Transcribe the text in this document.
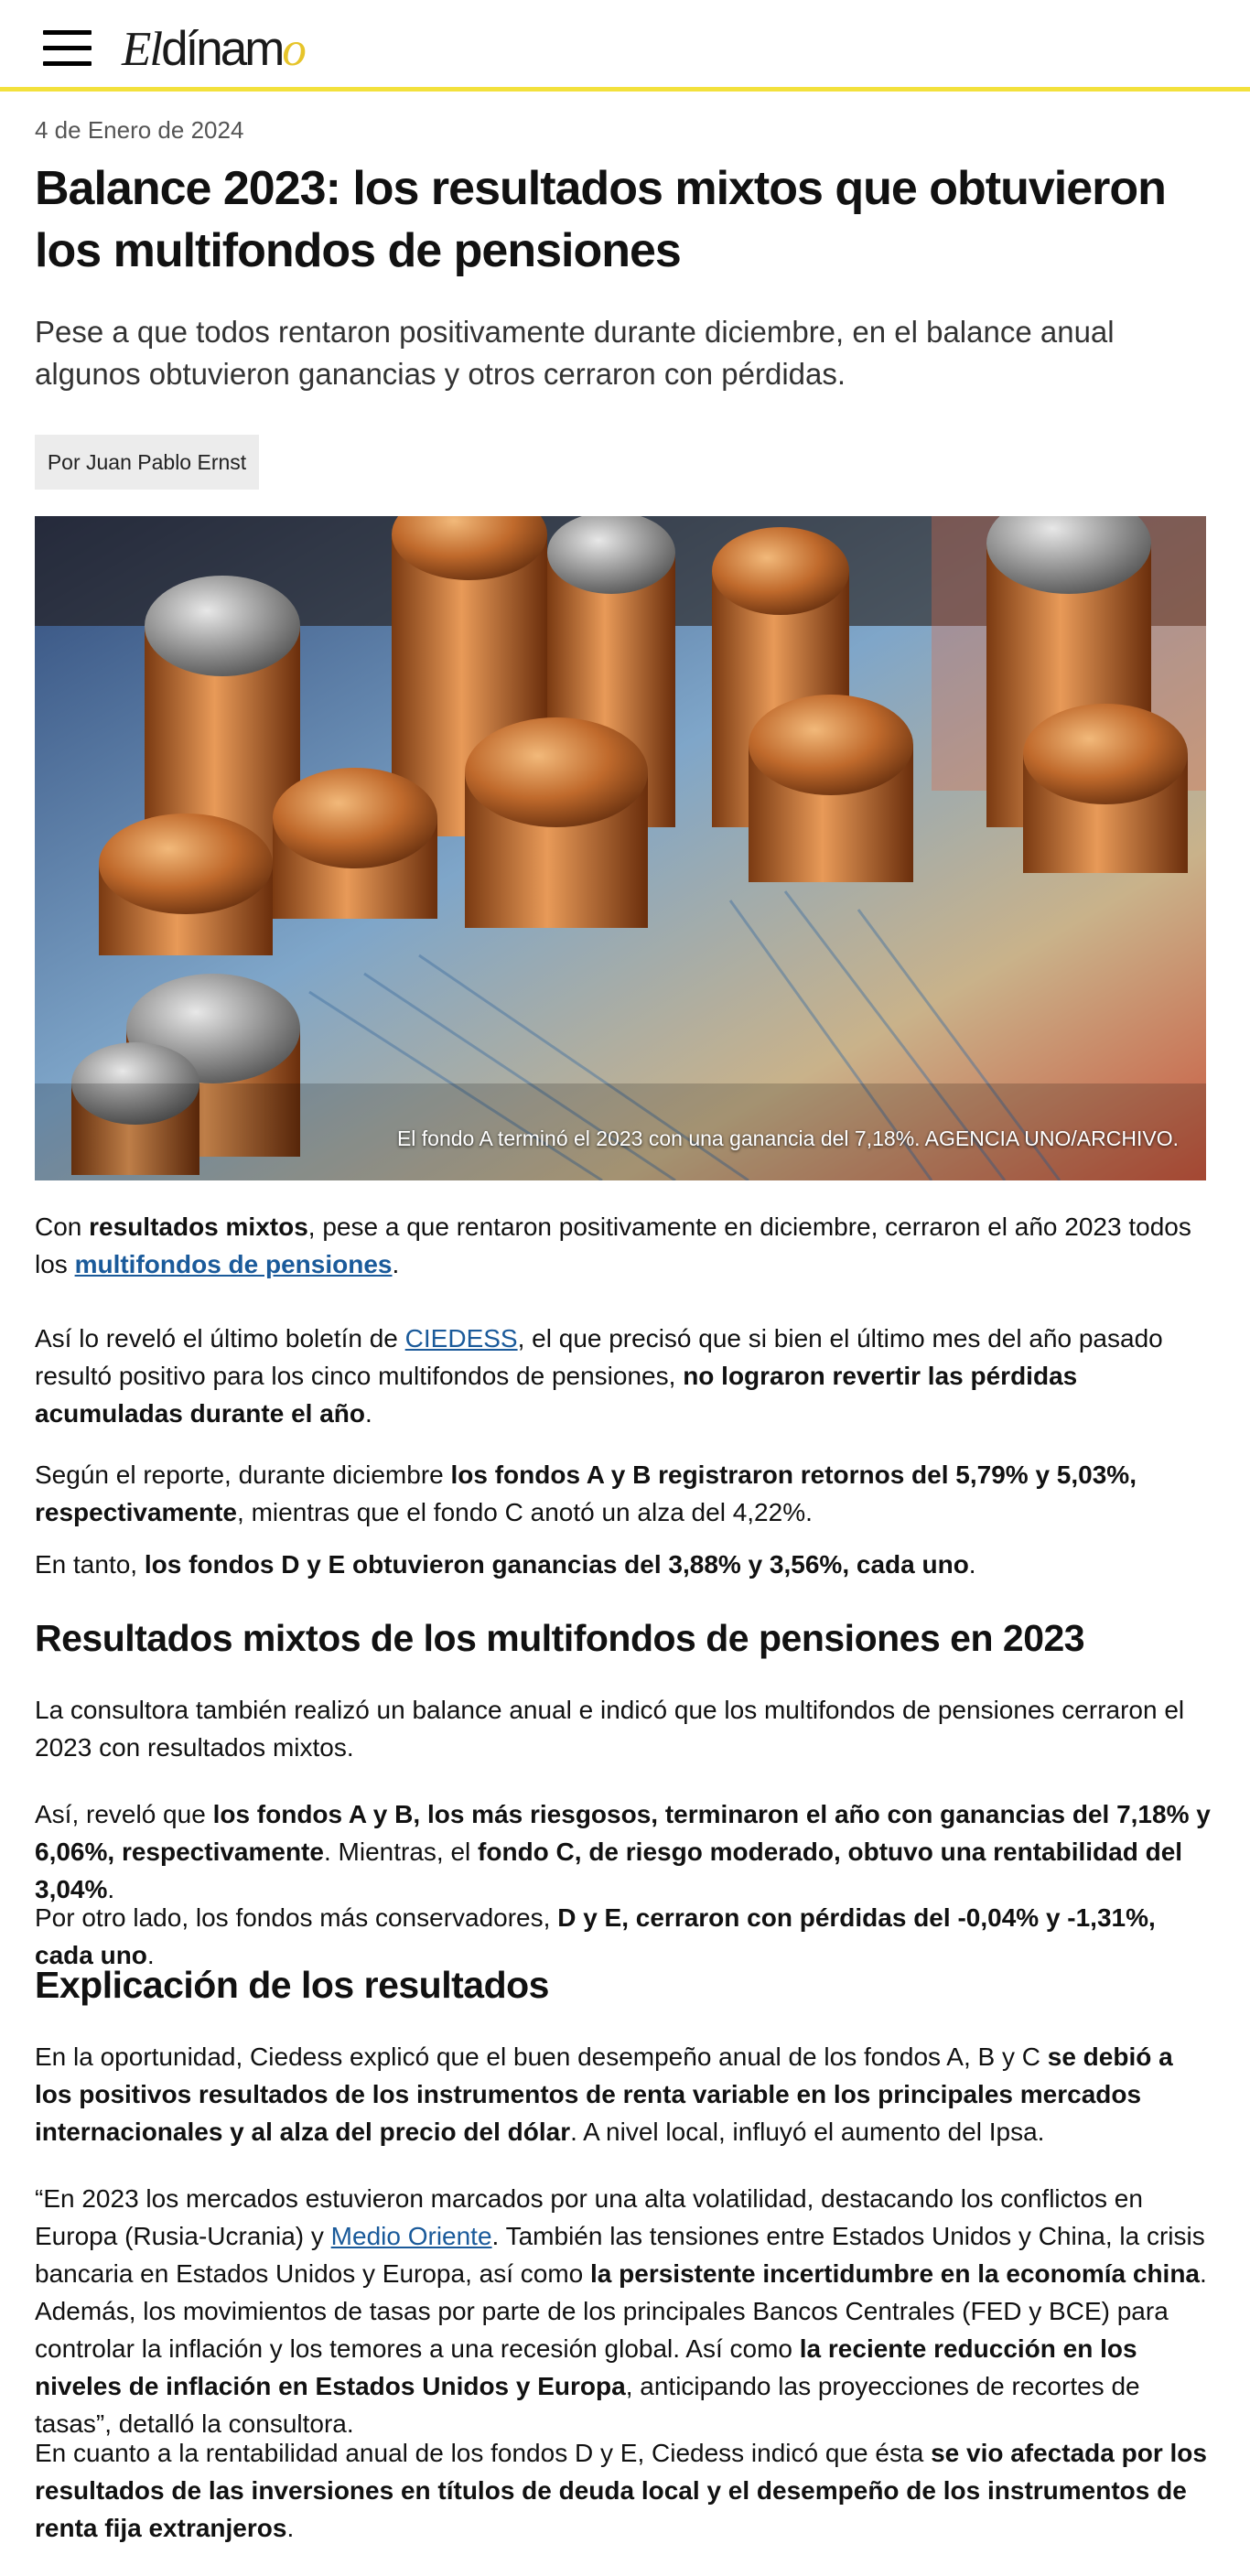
Eldínamo
4 de Enero de 2024
Balance 2023: los resultados mixtos que obtuvieron los multifondos de pensiones

Pese a que todos rentaron positivamente durante diciembre, en el balance anual algunos obtuvieron ganancias y otros cerraron con pérdidas.

Por Juan Pablo Ernst
El fondo A terminó el 2023 con una ganancia del 7,18%. AGENCIA UNO/ARCHIVO.

Con resultados mixtos, pese a que rentaron positivamente en diciembre, cerraron el año 2023 todos los multifondos de pensiones.

Así lo reveló el último boletín de CIEDESS, el que precisó que si bien el último mes del año pasado resultó positivo para los cinco multifondos de pensiones, no lograron revertir las pérdidas acumuladas durante el año.

Según el reporte, durante diciembre los fondos A y B registraron retornos del 5,79% y 5,03%, respectivamente, mientras que el fondo C anotó un alza del 4,22%.

En tanto, los fondos D y E obtuvieron ganancias del 3,88% y 3,56%, cada uno.

Resultados mixtos de los multifondos de pensiones en 2023

La consultora también realizó un balance anual e indicó que los multifondos de pensiones cerraron el 2023 con resultados mixtos.

Así, reveló que los fondos A y B, los más riesgosos, terminaron el año con ganancias del 7,18% y 6,06%, respectivamente. Mientras, el fondo C, de riesgo moderado, obtuvo una rentabilidad del 3,04%.

Por otro lado, los fondos más conservadores, D y E, cerraron con pérdidas del -0,04% y -1,31%, cada uno.

Explicación de los resultados

En la oportunidad, Ciedess explicó que el buen desempeño anual de los fondos A, B y C se debió a los positivos resultados de los instrumentos de renta variable en los principales mercados internacionales y al alza del precio del dólar. A nivel local, influyó el aumento del Ipsa.

“En 2023 los mercados estuvieron marcados por una alta volatilidad, destacando los conflictos en Europa (Rusia-Ucrania) y Medio Oriente. También las tensiones entre Estados Unidos y China, la crisis bancaria en Estados Unidos y Europa, así como la persistente incertidumbre en la economía china. Además, los movimientos de tasas por parte de los principales Bancos Centrales (FED y BCE) para controlar la inflación y los temores a una recesión global. Así como la reciente reducción en los niveles de inflación en Estados Unidos y Europa, anticipando las proyecciones de recortes de tasas”, detalló la consultora.

En cuanto a la rentabilidad anual de los fondos D y E, Ciedess indicó que ésta se vio afectada por los resultados de las inversiones en títulos de deuda local y el desempeño de los instrumentos de renta fija extranjeros.
